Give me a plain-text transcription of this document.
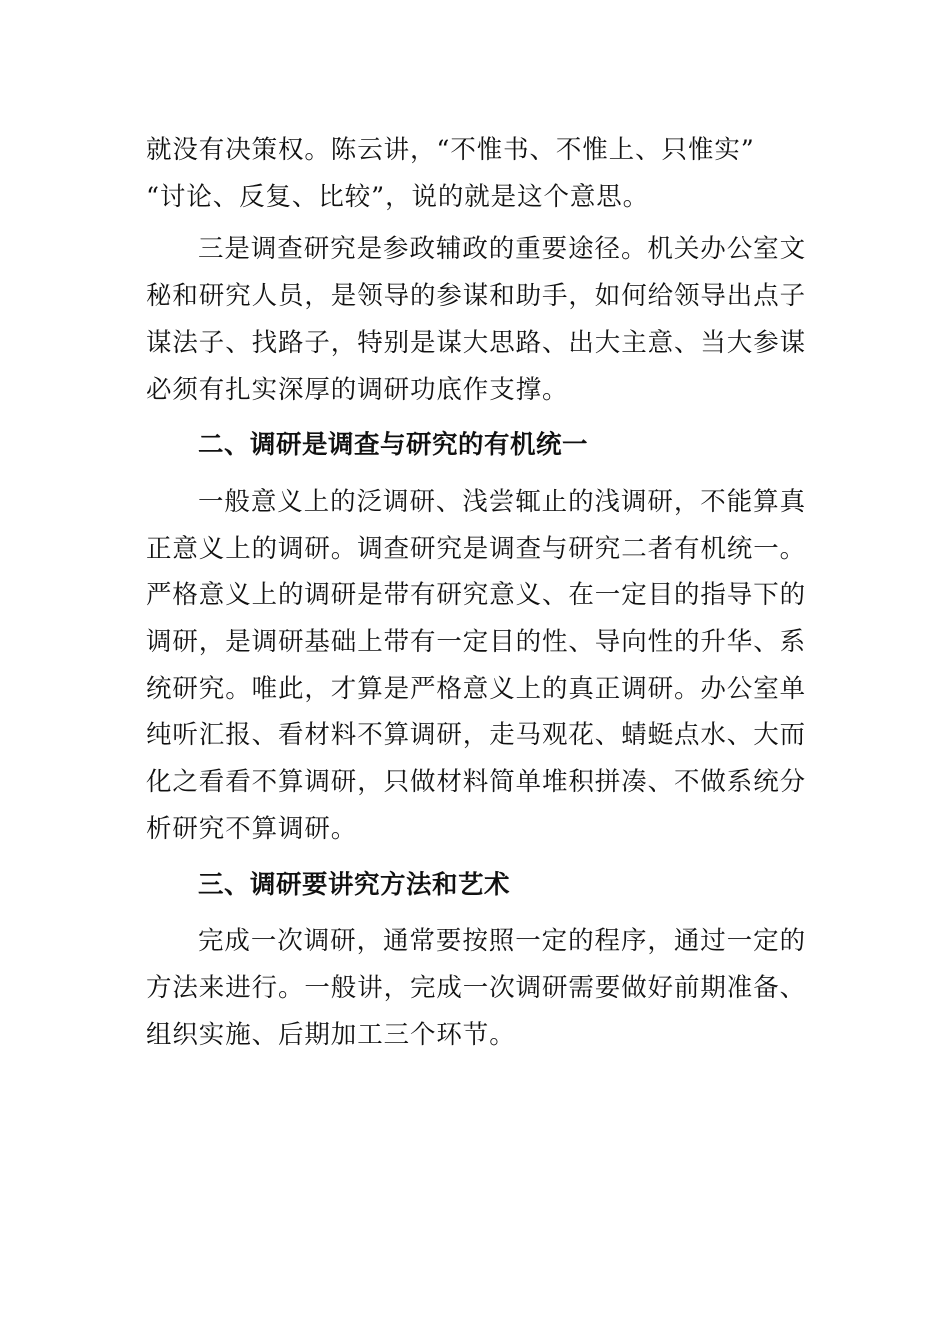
就没有决策权。陈云讲，“不惟书、不惟上、只惟实”
“讨论、反复、比较”，说的就是这个意思。

三是调查研究是参政辅政的重要途径。机关办公室文秘和研究人员，是领导的参谋和助手，如何给领导出点子谋法子、找路子，特别是谋大思路、出大主意、当大参谋必须有扎实深厚的调研功底作支撑。

二、调研是调查与研究的有机统一

一般意义上的泛调研、浅尝辄止的浅调研，不能算真正意义上的调研。调查研究是调查与研究二者有机统一。严格意义上的调研是带有研究意义、在一定目的指导下的调研，是调研基础上带有一定目的性、导向性的升华、系统研究。唯此，才算是严格意义上的真正调研。办公室单纯听汇报、看材料不算调研，走马观花、蜻蜓点水、大而化之看看不算调研，只做材料简单堆积拼凑、不做系统分析研究不算调研。

三、调研要讲究方法和艺术

完成一次调研，通常要按照一定的程序，通过一定的方法来进行。一般讲，完成一次调研需要做好前期准备、组织实施、后期加工三个环节。
